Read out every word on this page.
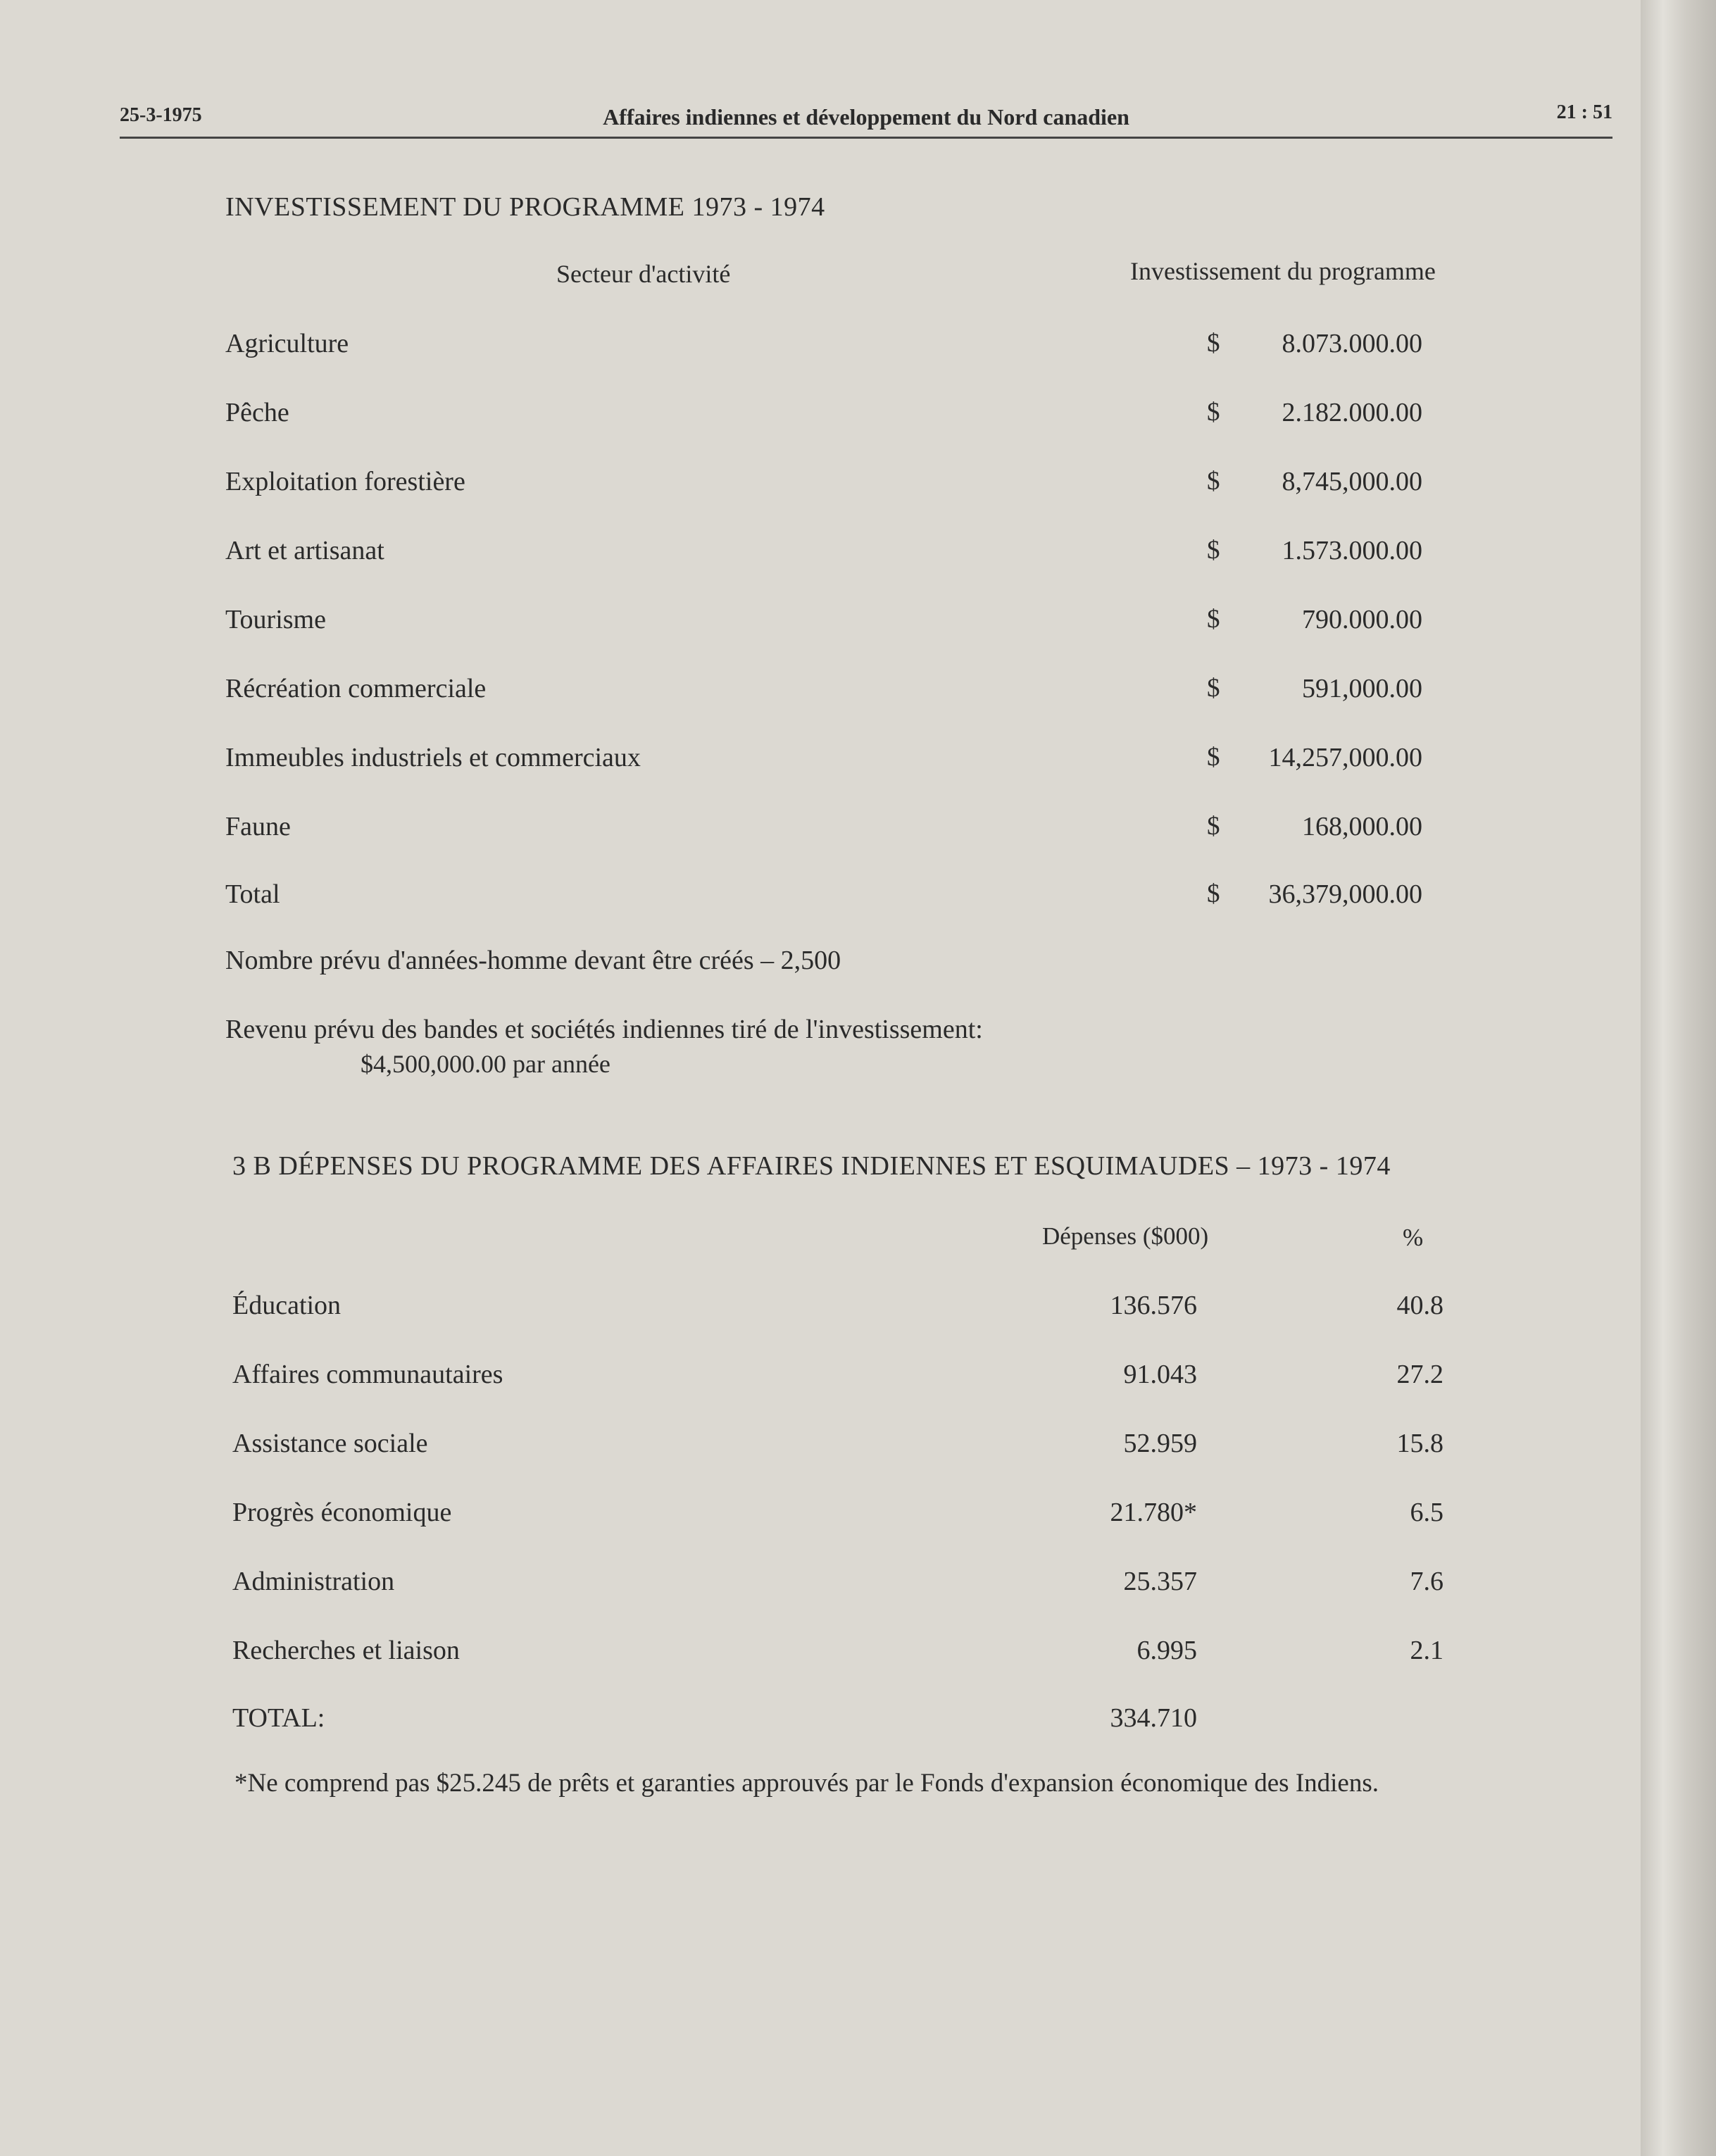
25-3-1975	Affaires indiennes et développement du Nord canadien	21 : 51
INVESTISSEMENT DU PROGRAMME 1973 - 1974
Secteur d'activité	Investissement du programme
Agriculture	$	8.073.000.00
Pêche	$	2.182.000.00
Exploitation forestière	$	8,745,000.00
Art et artisanat	$	1.573.000.00
Tourisme	$	790.000.00
Récréation commerciale	$	591,000.00
Immeubles industriels et commerciaux	$	14,257,000.00
Faune	$	168,000.00
Total	$	36,379,000.00
Nombre prévu d'années-homme devant être créés – 2,500
Revenu prévu des bandes et sociétés indiennes tiré de l'investissement:
$4,500,000.00 par année
3 B DÉPENSES DU PROGRAMME DES AFFAIRES INDIENNES ET ESQUIMAUDES – 1973 - 1974
Dépenses ($000)	%
Éducation	136.576	40.8
Affaires communautaires	91.043	27.2
Assistance sociale	52.959	15.8
Progrès économique	21.780*	6.5
Administration	25.357	7.6
Recherches et liaison	6.995	2.1
TOTAL:	334.710
*Ne comprend pas $25.245 de prêts et garanties approuvés par le Fonds d'expansion économique des Indiens.
